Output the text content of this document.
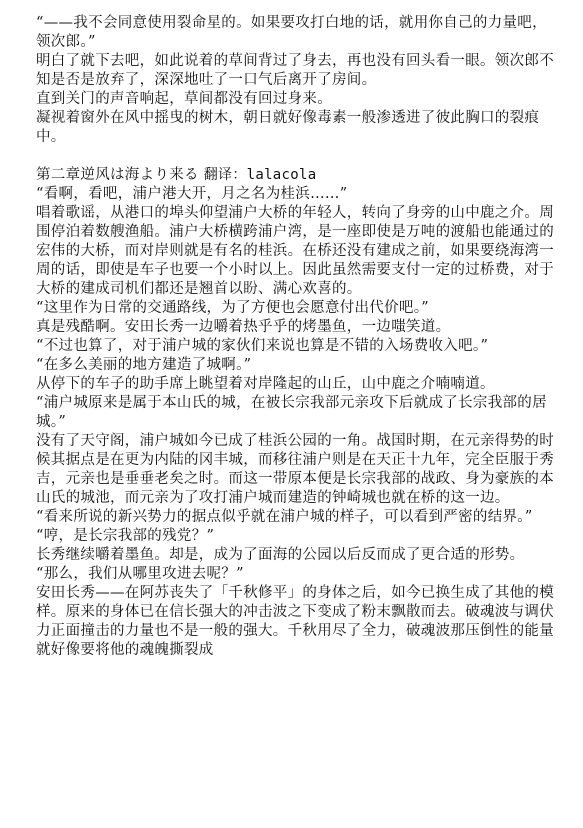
“——我不会同意使用裂命星的。如果要攻打白地的话，就用你自己的力量吧，领次郎。”

明白了就下去吧，如此说着的草间背过了身去，再也没有回头看一眼。领次郎不知是否是放弃了，深深地吐了一口气后离开了房间。

直到关门的声音响起，草间都没有回过身来。

凝视着窗外在风中摇曳的树木，朝日就好像毒素一般渗透进了彼此胸口的裂痕中。

第二章逆风は海より来る 翻译：lalacola

“看啊，看吧，浦户港大开，月之名为桂浜……”

唱着歌谣，从港口的埠头仰望浦户大桥的年轻人，转向了身旁的山中鹿之介。周围停泊着数艘渔船。浦户大桥横跨浦户湾，是一座即使是万吨的渡船也能通过的宏伟的大桥，而对岸则就是有名的桂浜。在桥还没有建成之前，如果要绕海湾一周的话，即使是车子也要一个小时以上。因此虽然需要支付一定的过桥费，对于大桥的建成司机们都还是翘首以盼、满心欢喜的。

“这里作为日常的交通路线，为了方便也会愿意付出代价吧。”

真是残酷啊。安田长秀一边嚼着热乎乎的烤墨鱼，一边嗤笑道。

“不过也算了，对于浦户城的家伙们来说也算是不错的入场费收入吧。”

“在多么美丽的地方建造了城啊。”

从停下的车子的助手席上眺望着对岸隆起的山丘，山中鹿之介喃喃道。

“浦户城原来是属于本山氏的城，在被长宗我部元亲攻下后就成了长宗我部的居城。”

没有了天守阁，浦户城如今已成了桂浜公园的一角。战国时期，在元亲得势的时候其据点是在更为内陆的冈丰城，而移往浦户则是在天正十九年，完全臣服于秀吉，元亲也是垂垂老矣之时。而这一带原本便是长宗我部的战政、身为豪族的本山氏的城池，而元亲为了攻打浦户城而建造的钟崎城也就在桥的这一边。

“看来所说的新兴势力的据点似乎就在浦户城的样子，可以看到严密的结界。”

“哼，是长宗我部的残党？”

长秀继续嚼着墨鱼。却是，成为了面海的公园以后反而成了更合适的形势。

“那么，我们从哪里攻进去呢？”

安田长秀——在阿苏丧失了「千秋修平」的身体之后，如今已换生成了其他的模样。原来的身体已在信长强大的冲击波之下变成了粉末飘散而去。破魂波与调伏力正面撞击的力量也不是一般的强大。千秋用尽了全力，破魂波那压倒性的能量就好像要将他的魂魄撕裂成
